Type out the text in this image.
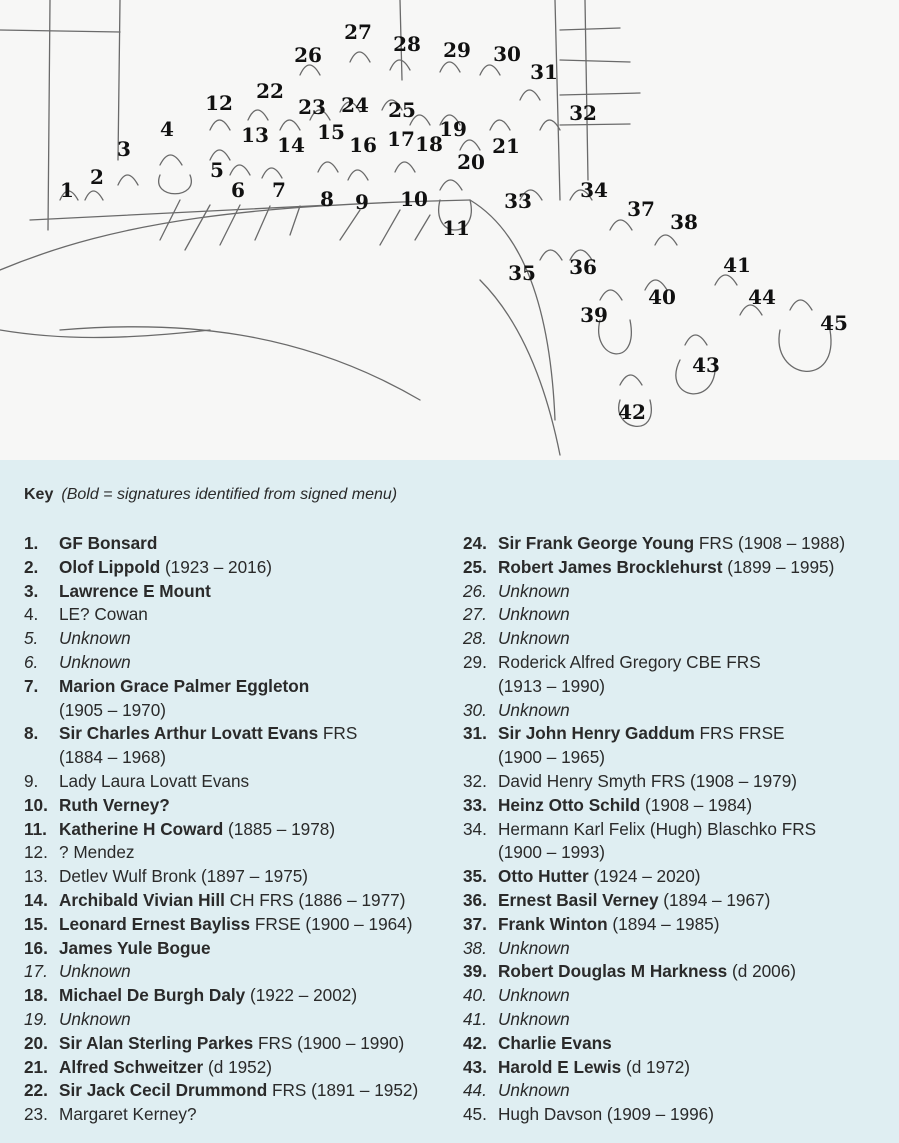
1
2
3
4
5
6 7 8 9 10
11
12
13 14
15
16 17 18
19
20
21
22
23 24 25
26
27 28 29 30
31
32
33 34
35 36
37
38
39
40
41
42
43
44
45
Key (Bold = signatures identified from signed menu)
1.	GF Bonsard
2.	Olof Lippold (1923 – 2016)
3.	Lawrence E Mount
4.	LE? Cowan
5.	Unknown
6.	Unknown
7.	Marion Grace Palmer Eggleton
(1905 – 1970)
8.	Sir Charles Arthur Lovatt Evans FRS
(1884 – 1968)
9.	Lady Laura Lovatt Evans
10. Ruth Verney?
11. Katherine H Coward (1885 – 1978)
12. ? Mendez
13. Detlev Wulf Bronk (1897 – 1975)
14. Archibald Vivian Hill CH FRS (1886 – 1977)
15. Leonard Ernest Bayliss FRSE (1900 – 1964)
16. James Yule Bogue
17. Unknown
18. Michael De Burgh Daly (1922 – 2002)
19. Unknown
20. Sir Alan Sterling Parkes FRS (1900 – 1990)
21. Alfred Schweitzer (d 1952)
22. Sir Jack Cecil Drummond FRS (1891 – 1952)
23. Margaret Kerney?
24. Sir Frank George Young FRS (1908 – 1988)
25. Robert James Brocklehurst (1899 – 1995)
26. Unknown
27. Unknown
28. Unknown
29. Roderick Alfred Gregory CBE FRS
(1913 – 1990)
30. Unknown
31. Sir John Henry Gaddum FRS FRSE
(1900 – 1965)
32. David Henry Smyth FRS (1908 – 1979)
33. Heinz Otto Schild (1908 – 1984)
34. Hermann Karl Felix (Hugh) Blaschko FRS
(1900 – 1993)
35. Otto Hutter (1924 – 2020)
36. Ernest Basil Verney (1894 – 1967)
37. Frank Winton (1894 – 1985)
38. Unknown
39. Robert Douglas M Harkness (d 2006)
40. Unknown
41. Unknown
42. Charlie Evans
43. Harold E Lewis (d 1972)
44. Unknown
45. Hugh Davson (1909 – 1996)
